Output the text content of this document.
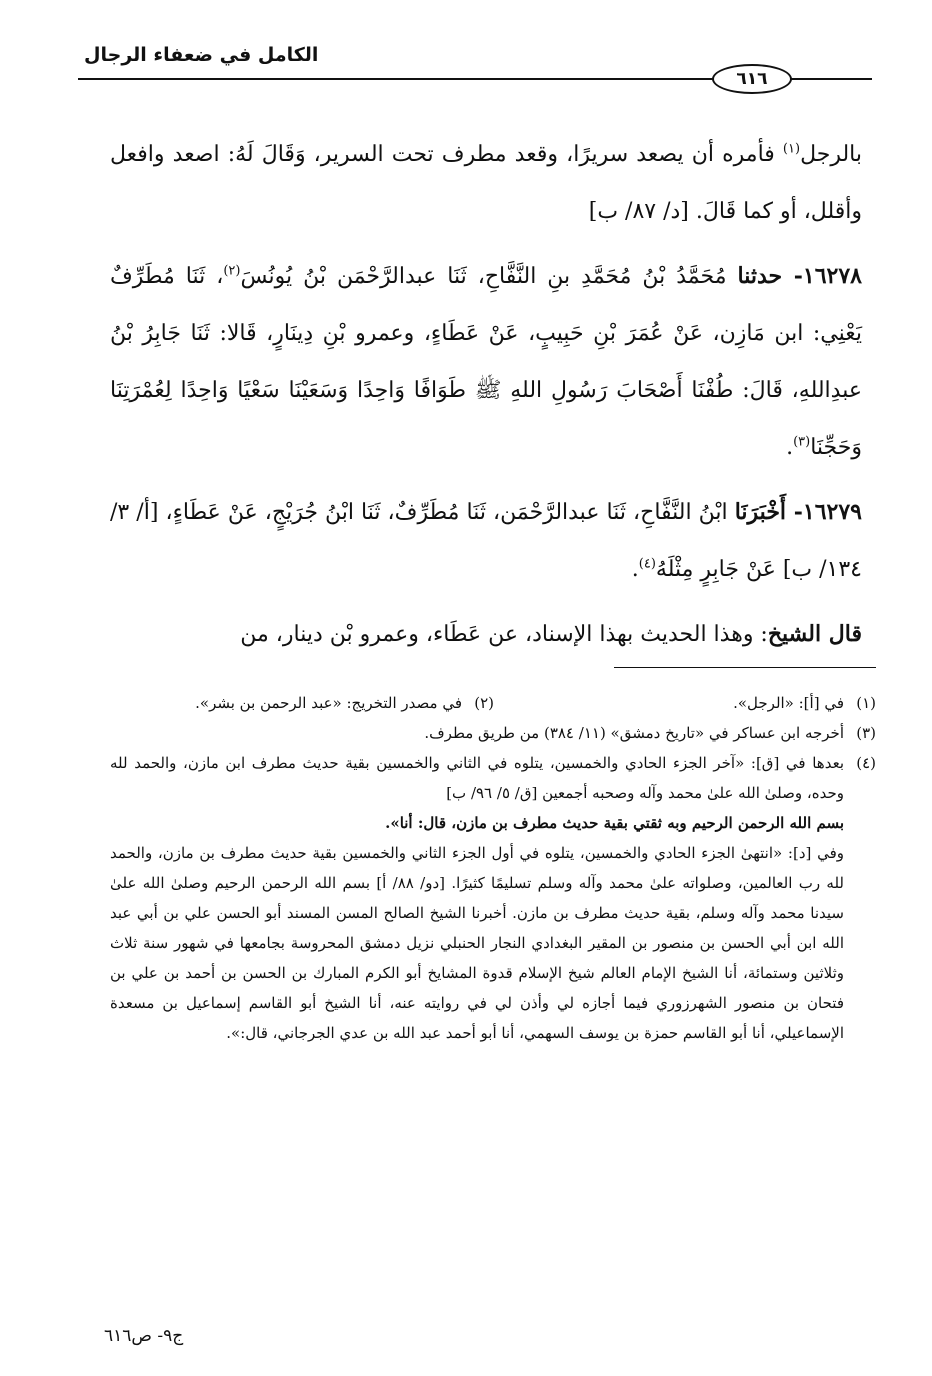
الكامل في ضعفاء الرجال
٦١٦

بالرجل$^{(١)}$ فأمره أن يصعد سريرًا، وقعد مطرف تحت السرير، وَقَالَ لَهُ: اصعد وافعل وأقلل، أو كما قَالَ. [د/ ٨٧/ ب]

١٦٢٧٨- حدثنا مُحَمَّدُ بْنُ مُحَمَّدِ بنِ النَّفَّاحِ، ثَنَا عبدالرَّحْمَن بْنُ يُونُسَ$^{(٢)}$، ثَنَا مُطَرِّفٌ يَعْنِي: ابن مَازِن، عَنْ عُمَرَ بْنِ حَبِيبٍ، عَنْ عَطَاءٍ، وعمرو بْنِ دِينَارٍ، قَالا: ثَنَا جَابِرُ بْنُ عبدِاللهِ، قَالَ: طُفْنَا أَصْحَابَ رَسُولِ اللهِ ﷺ طَوَافًا وَاحِدًا وَسَعَيْنَا سَعْيًا وَاحِدًا لِعُمْرَتِنَا وَحَجِّنَا$^{(٣)}$.

١٦٢٧٩- أَخْبَرَنَا ابْنُ النَّفَّاحِ، ثَنَا عبدالرَّحْمَن، ثَنَا مُطَرِّفٌ، ثَنَا ابْنُ جُرَيْجٍ، عَنْ عَطَاءٍ، [أ/ ٣/ ١٣٤/ ب] عَنْ جَابِرٍ مِثْلَهُ$^{(٤)}$.

قال الشيخ: وهذا الحديث بهذا الإسناد، عن عَطَاء، وعمرو بْن دينار، من

(١)
في [أ]: «الرجل».

(٢)
في مصدر التخريج: «عبد الرحمن بن بشر».

(٣)
أخرجه ابن عساكر في «تاريخ دمشق» (١١/ ٣٨٤) من طريق مطرف.

(٤)
بعدها في [ق]: «آخر الجزء الحادي والخمسين، يتلوه في الثاني والخمسين بقية حديث مطرف ابن مازن، والحمد لله وحده، وصلىٰ الله علىٰ محمد وآله وصحبه أجمعين [ق/ ٥/ ٩٦/ ب]
بسم الله الرحمن الرحيم وبه ثقتي بقية حديث مطرف بن مازن، قال: أنا».
وفي [د]: «انتهىٰ الجزء الحادي والخمسين، يتلوه في أول الجزء الثاني والخمسين بقية حديث مطرف بن مازن، والحمد لله رب العالمين، وصلواته علىٰ محمد وآله وسلم تسليمًا كثيرًا. [دو/ ٨٨/ أ] بسم الله الرحمن الرحيم وصلىٰ الله علىٰ سيدنا محمد وآله وسلم، بقية حديث مطرف بن مازن. أخبرنا الشيخ الصالح المسن المسند أبو الحسن علي بن أبي عبد الله ابن أبي الحسن بن منصور بن المقير البغدادي النجار الحنبلي نزيل دمشق المحروسة بجامعها في شهور سنة ثلاث وثلاثين وستمائة، أنا الشيخ الإمام العالم شيخ الإسلام قدوة المشايخ أبو الكرم المبارك بن الحسن بن أحمد بن علي بن فتحان بن منصور الشهرزوري فيما أجازه لي وأذن لي في روايته عنه، أنا الشيخ أبو القاسم إسماعيل بن مسعدة الإسماعيلي، أنا أبو القاسم حمزة بن يوسف السهمي، أنا أبو أحمد عبد الله بن عدي الجرجاني، قال:».
ج٩- ص٦١٦
